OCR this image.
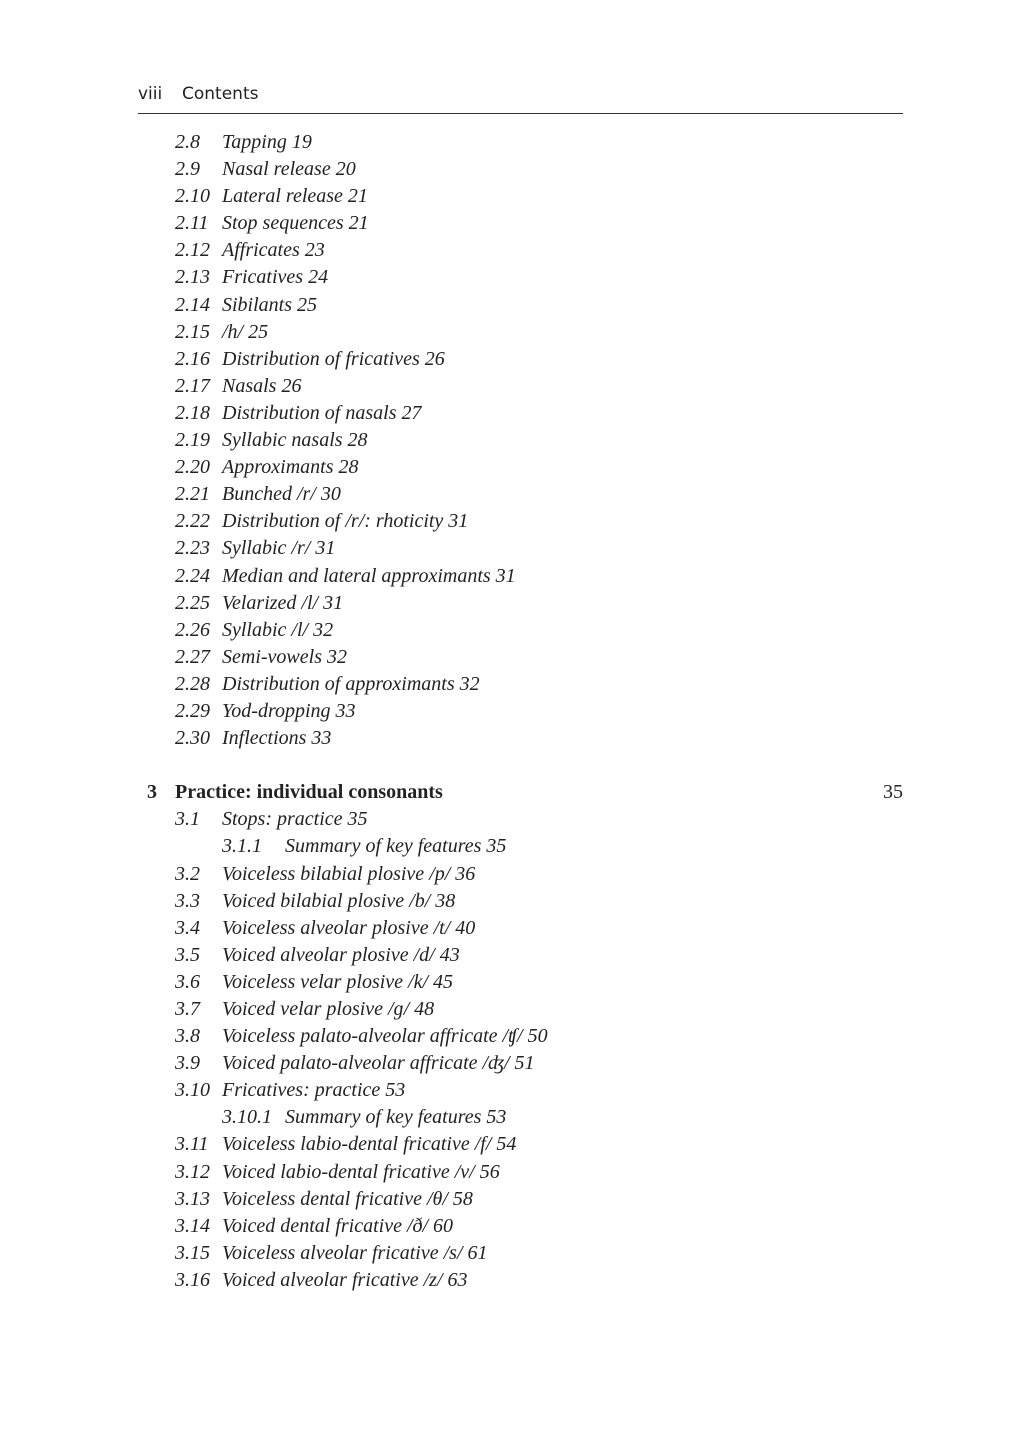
viii Contents
2.8 Tapping 19
2.9 Nasal release 20
2.10 Lateral release 21
2.11 Stop sequences 21
2.12 Affricates 23
2.13 Fricatives 24
2.14 Sibilants 25
2.15 /h/ 25
2.16 Distribution of fricatives 26
2.17 Nasals 26
2.18 Distribution of nasals 27
2.19 Syllabic nasals 28
2.20 Approximants 28
2.21 Bunched /r/ 30
2.22 Distribution of /r/: rhoticity 31
2.23 Syllabic /r/ 31
2.24 Median and lateral approximants 31
2.25 Velarized /l/ 31
2.26 Syllabic /l/ 32
2.27 Semi-vowels 32
2.28 Distribution of approximants 32
2.29 Yod-dropping 33
2.30 Inflections 33
3 Practice: individual consonants	35
3.1 Stops: practice 35
3.1.1 Summary of key features 35
3.2 Voiceless bilabial plosive /p/ 36
3.3 Voiced bilabial plosive /b/ 38
3.4 Voiceless alveolar plosive /t/ 40
3.5 Voiced alveolar plosive /d/ 43
3.6 Voiceless velar plosive /k/ 45
3.7 Voiced velar plosive /ɡ/ 48
3.8 Voiceless palato-alveolar affricate /ʧ/ 50
3.9 Voiced palato-alveolar affricate /ʤ/ 51
3.10 Fricatives: practice 53
3.10.1 Summary of key features 53
3.11 Voiceless labio-dental fricative /f/ 54
3.12 Voiced labio-dental fricative /v/ 56
3.13 Voiceless dental fricative /θ/ 58
3.14 Voiced dental fricative /ð/ 60
3.15 Voiceless alveolar fricative /s/ 61
3.16 Voiced alveolar fricative /z/ 63
